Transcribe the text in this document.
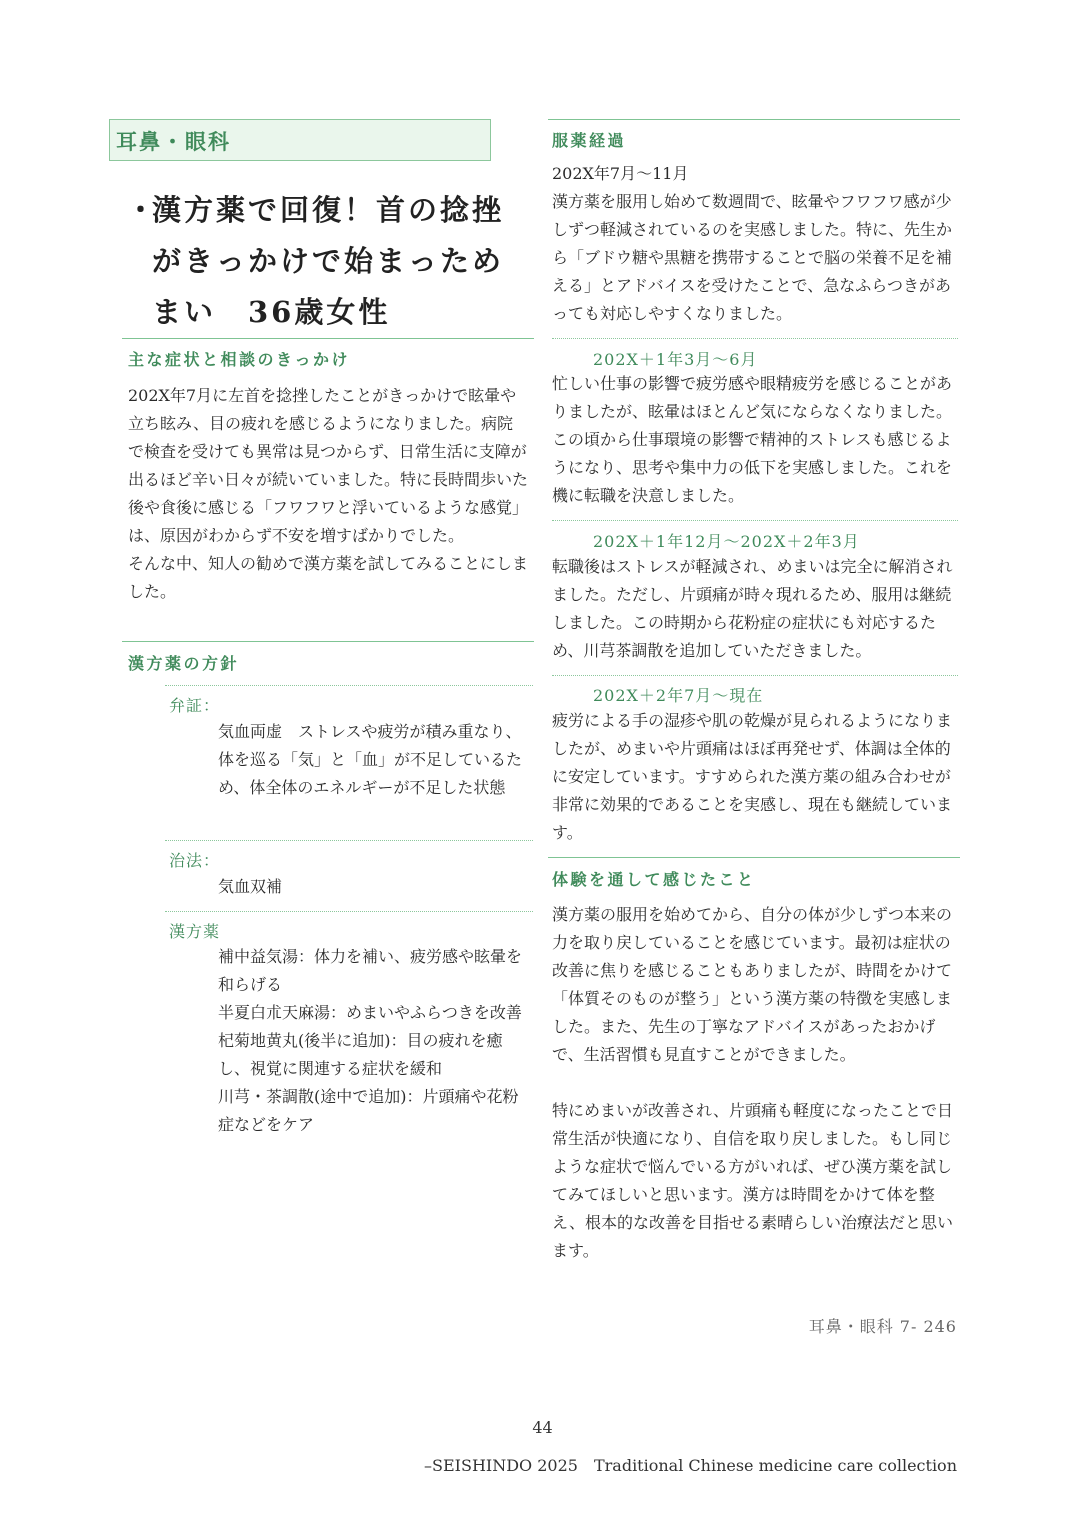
耳鼻・眼科
・
漢方薬で回復！首の捻挫
がきっかけで始まっため
まい　36歳女性
主な症状と相談のきっかけ

202X年7月に左首を捻挫したことがきっかけで眩暈や立ち眩み、目の疲れを感じるようになりました。病院で検査を受けても異常は見つからず、日常生活に支障が出るほど辛い日々が続いていました。特に長時間歩いた後や食後に感じる「フワフワと浮いているような感覚」は、原因がわからず不安を増すばかりでした。

そんな中、知人の勧めで漢方薬を試してみることにしました。

漢方薬の方針
弁証：

気血両虚　ストレスや疲労が積み重なり、体を巡る「気」と「血」が不足しているため、体全体のエネルギーが不足した状態

治法：

気血双補

漢方薬

補中益気湯：体力を補い、疲労感や眩暈を和らげる

半夏白朮天麻湯：めまいやふらつきを改善

杞菊地黄丸(後半に追加)：目の疲れを癒し、視覚に関連する症状を緩和

川芎・茶調散(途中で追加)：片頭痛や花粉症などをケア

服薬経過

202X年7月〜11月

漢方薬を服用し始めて数週間で、眩暈やフワフワ感が少しずつ軽減されているのを実感しました。特に、先生から「ブドウ糖や黒糖を携帯することで脳の栄養不足を補える」とアドバイスを受けたことで、急なふらつきがあっても対応しやすくなりました。

202X＋1年3月〜6月

忙しい仕事の影響で疲労感や眼精疲労を感じることがありましたが、眩暈はほとんど気にならなくなりました。この頃から仕事環境の影響で精神的ストレスも感じるようになり、思考や集中力の低下を実感しました。これを機に転職を決意しました。

202X＋1年12月〜202X＋2年3月

転職後はストレスが軽減され、めまいは完全に解消されました。ただし、片頭痛が時々現れるため、服用は継続しました。この時期から花粉症の症状にも対応するため、川芎茶調散を追加していただきました。

202X＋2年7月〜現在

疲労による手の湿疹や肌の乾燥が見られるようになりましたが、めまいや片頭痛はほぼ再発せず、体調は全体的に安定しています。すすめられた漢方薬の組み合わせが非常に効果的であることを実感し、現在も継続しています。

体験を通して感じたこと

漢方薬の服用を始めてから、自分の体が少しずつ本来の力を取り戻していることを感じています。最初は症状の改善に焦りを感じることもありましたが、時間をかけて「体質そのものが整う」という漢方薬の特徴を実感しました。また、先生の丁寧なアドバイスがあったおかげで、生活習慣も見直すことができました。

特にめまいが改善され、片頭痛も軽度になったことで日常生活が快適になり、自信を取り戻しました。もし同じような症状で悩んでいる方がいれば、ぜひ漢方薬を試してみてほしいと思います。漢方は時間をかけて体を整え、根本的な改善を目指せる素晴らしい治療法だと思います。

耳鼻・眼科 7- 246
44
–SEISHINDO 2025　Traditional Chinese medicine care collection
